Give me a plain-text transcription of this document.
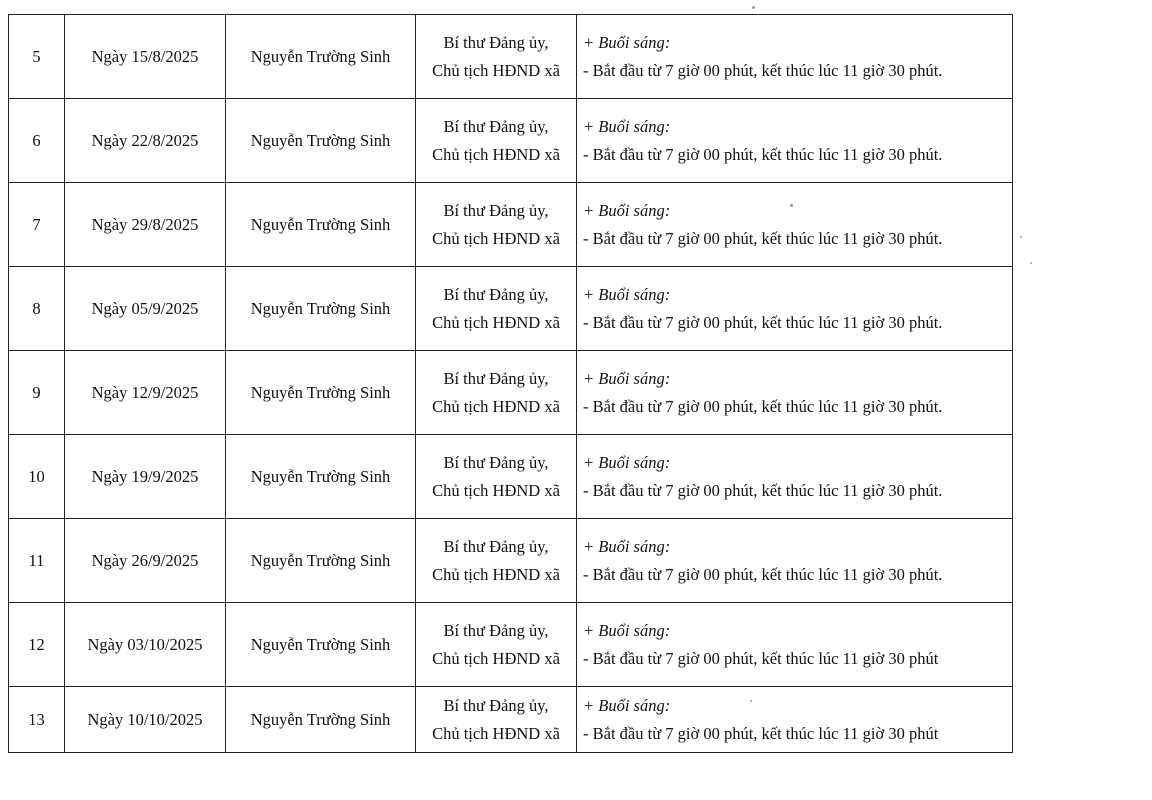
5	Ngày 15/8/2025	Nguyễn Trường Sinh	Bí thư Đảng ủy,
Chủ tịch HĐND xã	+ Buổi sáng:
- Bắt đầu từ 7 giờ 00 phút, kết thúc lúc 11 giờ 30 phút.

6	Ngày 22/8/2025	Nguyễn Trường Sinh	Bí thư Đảng ủy,
Chủ tịch HĐND xã	+ Buổi sáng:
- Bắt đầu từ 7 giờ 00 phút, kết thúc lúc 11 giờ 30 phút.

7	Ngày 29/8/2025	Nguyễn Trường Sinh	Bí thư Đảng ủy,
Chủ tịch HĐND xã	+ Buổi sáng:
- Bắt đầu từ 7 giờ 00 phút, kết thúc lúc 11 giờ 30 phút.

8	Ngày 05/9/2025	Nguyễn Trường Sinh	Bí thư Đảng ủy,
Chủ tịch HĐND xã	+ Buổi sáng:
- Bắt đầu từ 7 giờ 00 phút, kết thúc lúc 11 giờ 30 phút.

9	Ngày 12/9/2025	Nguyễn Trường Sinh	Bí thư Đảng ủy,
Chủ tịch HĐND xã	+ Buổi sáng:
- Bắt đầu từ 7 giờ 00 phút, kết thúc lúc 11 giờ 30 phút.

10	Ngày 19/9/2025	Nguyễn Trường Sinh	Bí thư Đảng ủy,
Chủ tịch HĐND xã	+ Buổi sáng:
- Bắt đầu từ 7 giờ 00 phút, kết thúc lúc 11 giờ 30 phút.

11	Ngày 26/9/2025	Nguyễn Trường Sinh	Bí thư Đảng ủy,
Chủ tịch HĐND xã	+ Buổi sáng:
- Bắt đầu từ 7 giờ 00 phút, kết thúc lúc 11 giờ 30 phút.

12	Ngày 03/10/2025	Nguyễn Trường Sinh	Bí thư Đảng ủy,
Chủ tịch HĐND xã	+ Buổi sáng:
- Bắt đầu từ 7 giờ 00 phút, kết thúc lúc 11 giờ 30 phút

13	Ngày 10/10/2025	Nguyễn Trường Sinh	Bí thư Đảng ủy,
Chủ tịch HĐND xã	+ Buổi sáng:
- Bắt đầu từ 7 giờ 00 phút, kết thúc lúc 11 giờ 30 phút
